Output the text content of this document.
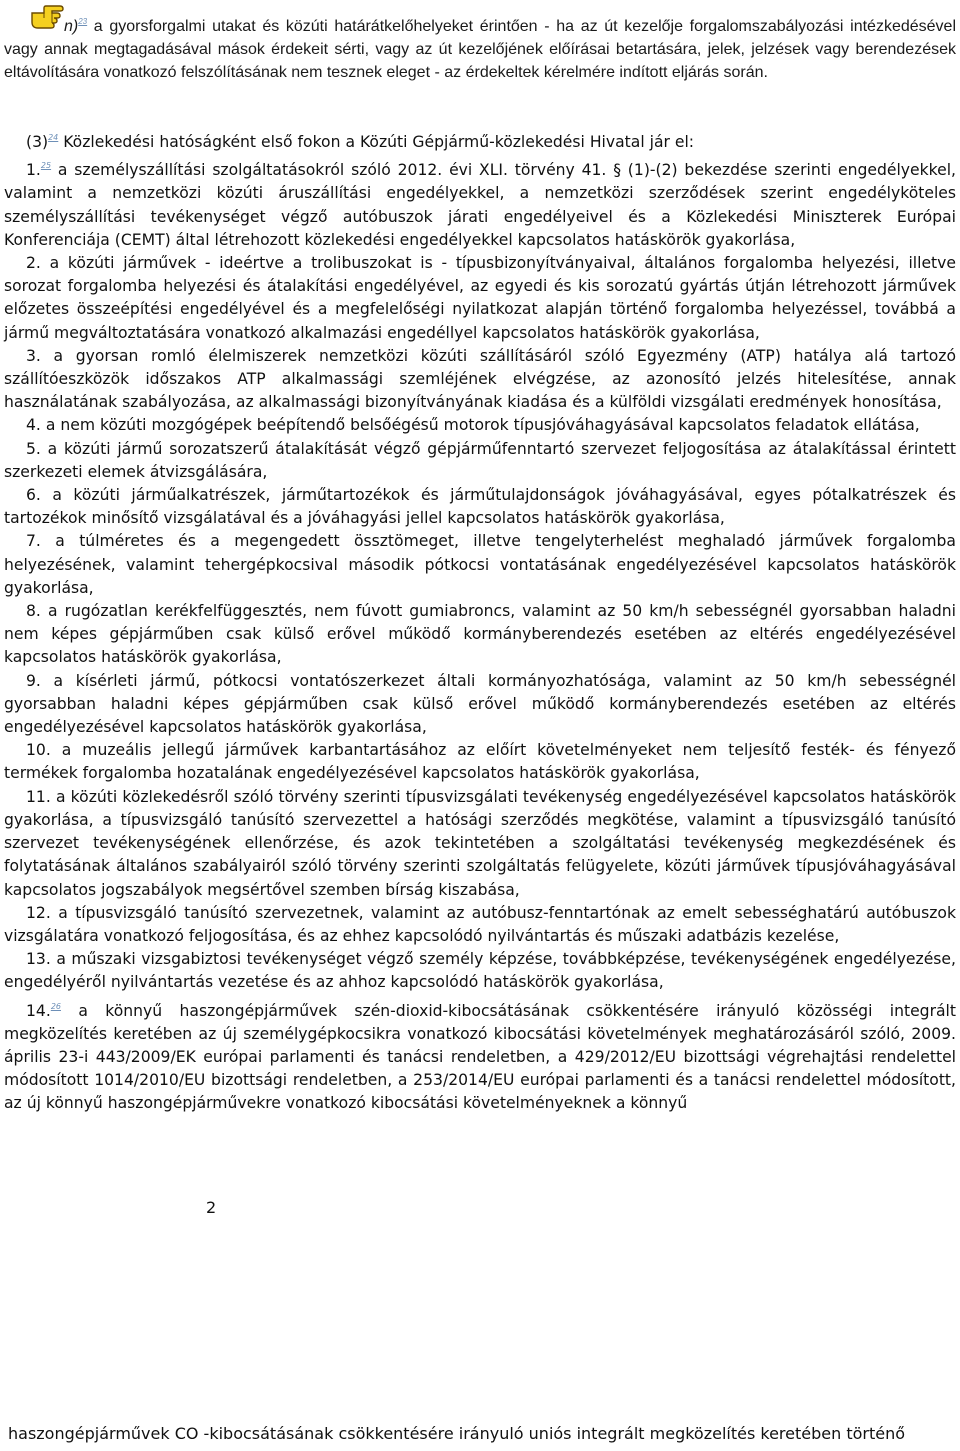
n)$^{23}$ a gyorsforgalmi utakat és közúti határátkelőhelyeket érintően - ha az út kezelője forgalomszabályozási intézkedésével vagy annak megtagadásával mások érdekeit sérti, vagy az út kezelőjének előírásai betartására, jelek, jelzések vagy berendezések eltávolítására vonatkozó felszólításának nem tesznek eleget - az érdekeltek kérelmére indított eljárás során.

(3)$^{24}$ Közlekedési hatóságként első fokon a Közúti Gépjármű-közlekedési Hivatal jár el:

1.25 a személyszállítási szolgáltatásokról szóló 2012. évi XLI. törvény 41. § (1)-(2) bekezdése szerinti engedélyekkel, valamint a nemzetközi közúti áruszállítási engedélyekkel, a nemzetközi szerződések szerint engedélyköteles személyszállítási tevékenységet végző autóbuszok járati engedélyeivel és a Közlekedési Miniszterek Európai Konferenciája (CEMT) által létrehozott közlekedési engedélyekkel kapcsolatos hatáskörök gyakorlása,

2. a közúti járművek - ideértve a trolibuszokat is - típusbizonyítványaival, általános forgalomba helyezési, illetve sorozat forgalomba helyezési és átalakítási engedélyével, az egyedi és kis sorozatú gyártás útján létrehozott járművek előzetes összeépítési engedélyével és a megfelelőségi nyilatkozat alapján történő forgalomba helyezéssel, továbbá a jármű megváltoztatására vonatkozó alkalmazási engedéllyel kapcsolatos hatáskörök gyakorlása,

3. a gyorsan romló élelmiszerek nemzetközi közúti szállításáról szóló Egyezmény (ATP) hatálya alá tartozó szállítóeszközök időszakos ATP alkalmassági szemléjének elvégzése, az azonosító jelzés hitelesítése, annak használatának szabályozása, az alkalmassági bizonyítványának kiadása és a külföldi vizsgálati eredmények honosítása,

4. a nem közúti mozgógépek beépítendő belsőégésű motorok típusjóváhagyásával kapcsolatos feladatok ellátása,

5. a közúti jármű sorozatszerű átalakítását végző gépjárműfenntartó szervezet feljogosítása az átalakítással érintett szerkezeti elemek átvizsgálására,

6. a közúti járműalkatrészek, járműtartozékok és járműtulajdonságok jóváhagyásával, egyes pótalkatrészek és tartozékok minősítő vizsgálatával és a jóváhagyási jellel kapcsolatos hatáskörök gyakorlása,

7. a túlméretes és a megengedett össztömeget, illetve tengelyterhelést meghaladó járművek forgalomba helyezésének, valamint tehergépkocsival második pótkocsi vontatásának engedélyezésével kapcsolatos hatáskörök gyakorlása,

8. a rugózatlan kerékfelfüggesztés, nem fúvott gumiabroncs, valamint az 50 km/h sebességnél gyorsabban haladni nem képes gépjárműben csak külső erővel működő kormányberendezés esetében az eltérés engedélyezésével kapcsolatos hatáskörök gyakorlása,

9. a kísérleti jármű, pótkocsi vontatószerkezet általi kormányozhatósága, valamint az 50 km/h sebességnél gyorsabban haladni képes gépjárműben csak külső erővel működő kormányberendezés esetében az eltérés engedélyezésével kapcsolatos hatáskörök gyakorlása,

10. a muzeális jellegű járművek karbantartásához az előírt követelményeket nem teljesítő festék- és fényező termékek forgalomba hozatalának engedélyezésével kapcsolatos hatáskörök gyakorlása,

11. a közúti közlekedésről szóló törvény szerinti típusvizsgálati tevékenység engedélyezésével kapcsolatos hatáskörök gyakorlása, a típusvizsgáló tanúsító szervezettel a hatósági szerződés megkötése, valamint a típusvizsgáló tanúsító szervezet tevékenységének ellenőrzése, és azok tekintetében a szolgáltatási tevékenység megkezdésének és folytatásának általános szabályairól szóló törvény szerinti szolgáltatás felügyelete, közúti járművek típusjóváhagyásával kapcsolatos jogszabályok megsértővel szemben bírság kiszabása,

12. a típusvizsgáló tanúsító szervezetnek, valamint az autóbusz-fenntartónak az emelt sebességhatárú autóbuszok vizsgálatára vonatkozó feljogosítása, és az ehhez kapcsolódó nyilvántartás és műszaki adatbázis kezelése,

13. a műszaki vizsgabiztosi tevékenységet végző személy képzése, továbbképzése, tevékenységének engedélyezése, engedélyéről nyilvántartás vezetése és az ahhoz kapcsolódó hatáskörök gyakorlása,

14.26 a könnyű haszongépjárművek szén-dioxid-kibocsátásának csökkentésére irányuló közösségi integrált megközelítés keretében az új személygépkocsikra vonatkozó kibocsátási követelmények meghatározásáról szóló, 2009. április 23-i 443/2009/EK európai parlamenti és tanácsi rendeletben, a 429/2012/EU bizottsági végrehajtási rendelettel módosított 1014/2010/EU bizottsági rendeletben, a 253/2014/EU európai parlamenti és a tanácsi rendelettel módosított, az új könnyű haszongépjárművekre vonatkozó kibocsátási követelményeknek a könnyű

2
haszongépjárművek CO -kibocsátásának csökkentésére irányuló uniós integrált megközelítés keretében történő
